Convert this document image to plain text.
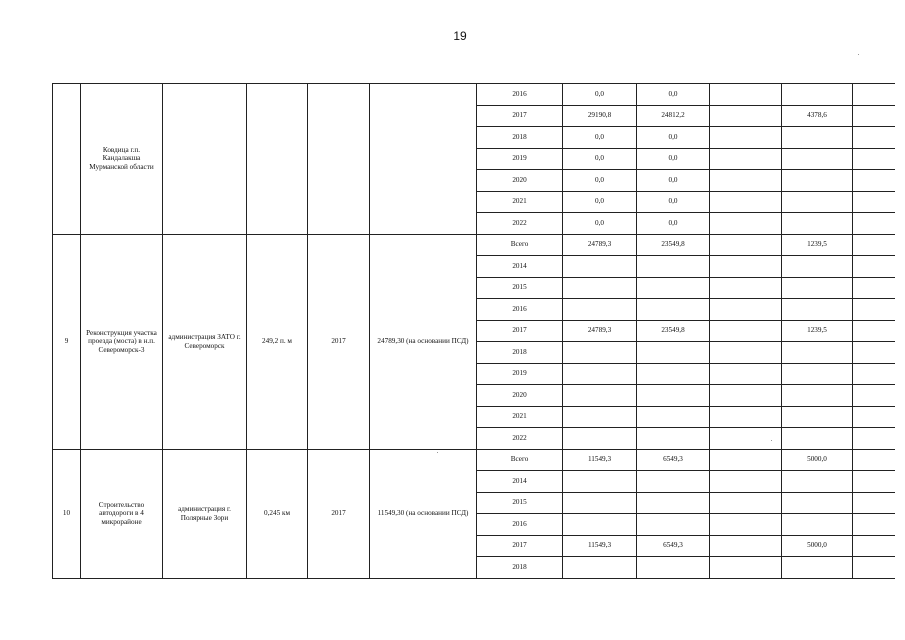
19
	Ковдица г.п. Кандалакша Мурманской области					2016	0,0	0,0			
						2017	29190,8	24812,2		4378,6	
						2018	0,0	0,0			
						2019	0,0	0,0			
						2020	0,0	0,0			
						2021	0,0	0,0			
						2022	0,0	0,0			
9	Реконструкция участка проезда (моста) в н.п. Североморск-3	администрация ЗАТО г. Североморск	249,2 п. м	2017	24789,30 (на основании ПСД)	Всего	24789,3	23549,8		1239,5	
						2014					
						2015					
						2016					
						2017	24789,3	23549,8		1239,5	
						2018					
						2019					
						2020					
						2021					
						2022					
10	Строительство автодороги в 4 микрорайоне	администрация г. Полярные Зори	0,245 км	2017	11549,30 (на основании ПСД)	Всего	11549,3	6549,3		5000,0	
						2014					
						2015					
						2016					
						2017	11549,3	6549,3		5000,0	
						2018					
